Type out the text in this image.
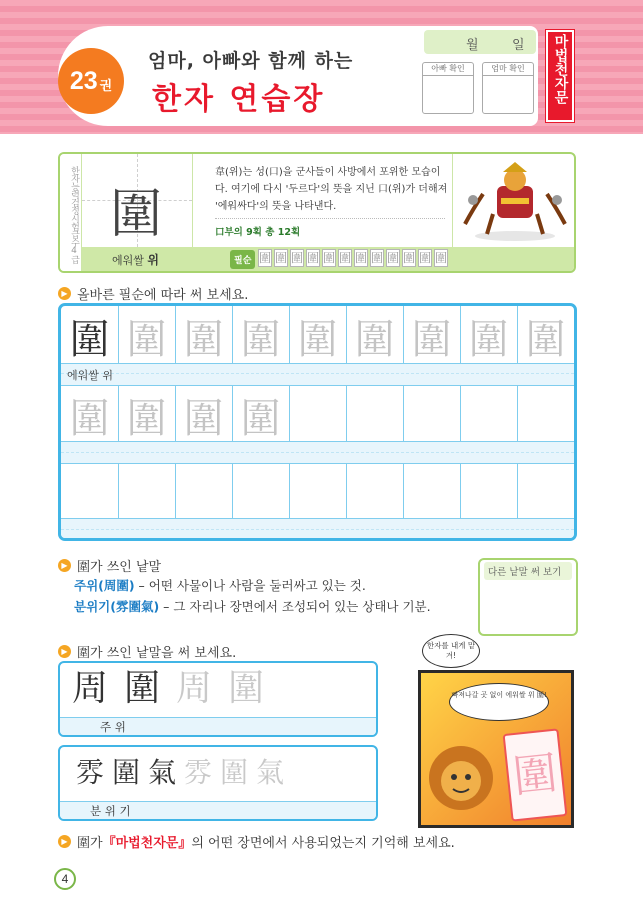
23 권
엄마, 아빠와 함께 하는
한자 연습장
월	일
아빠 확인	엄마 확인	마법천자문
한자능력검정시험급수4급 圍
韋(위)는 성(口)을 군사들이 사방에서 포위한 모습이다. 여기에 다시 '두르다'의 뜻을 지닌 口(위)가 더해져 '에워싸다'의 뜻을 나타낸다.
口부의 9획 총 12획
에워쌀 위	필순 圍 圍 圍 圍 圍 圍 圍 圍 圍 圍 圍 圍
▶ 올바른 필순에 따라 써 보세요.
圍 圍 圍 圍 圍 圍 圍 圍 圍
圍 圍 圍 圍
에워쌀 위
▶ 圍가 쓰인 낱말
주위(周圍) – 어떤 사물이나 사람을 둘러싸고 있는 것.
분위기(雰圍氣) – 그 자리나 장면에서 조성되어 있는 상태나 기분.
다른 낱말 써 보기
▶ 圍가 쓰인 낱말을 써 보세요.
周 圍 周 圍
주 위
雰 圍 氣 雰 圍 氣
분 위 기
한자를 내게 맡겨!
빠져나갈 곳 없이 에워쌀 위 圍!
圍
▶ 圍가 『마법천자문』 의 어떤 장면에서 사용되었는지 기억해 보세요.
4
